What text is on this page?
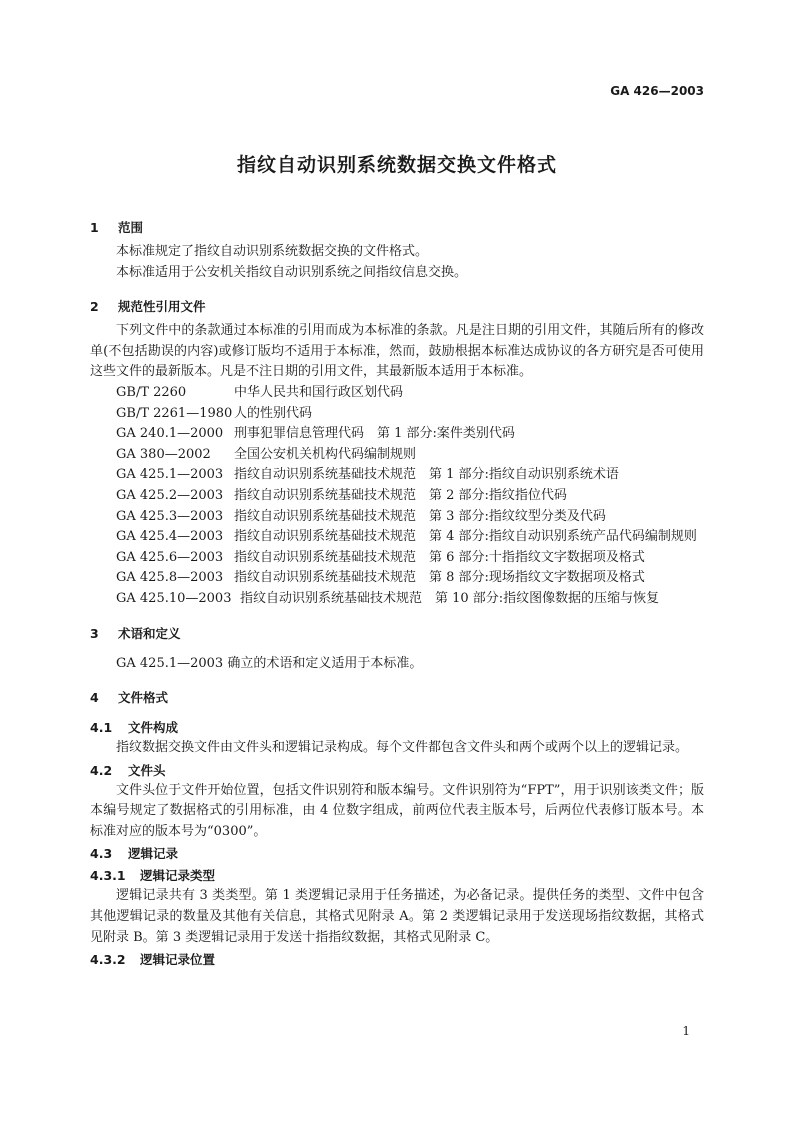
GA 426—2003
指纹自动识别系统数据交换文件格式
1 范围

本标准规定了指纹自动识别系统数据交换的文件格式。

本标准适用于公安机关指纹自动识别系统之间指纹信息交换。

2 规范性引用文件

下列文件中的条款通过本标准的引用而成为本标准的条款。凡是注日期的引用文件，其随后所有的修改单(不包括勘误的内容)或修订版均不适用于本标准，然而，鼓励根据本标准达成协议的各方研究是否可使用这些文件的最新版本。凡是不注日期的引用文件，其最新版本适用于本标准。

GB/T 2260	中华人民共和国行政区划代码
GB/T 2261—1980 人的性别代码
GA 240.1—2000 刑事犯罪信息管理代码　第 1 部分:案件类别代码
GA 380—2002 全国公安机关机构代码编制规则
GA 425.1—2003 指纹自动识别系统基础技术规范　第 1 部分:指纹自动识别系统术语
GA 425.2—2003 指纹自动识别系统基础技术规范　第 2 部分:指纹指位代码
GA 425.3—2003 指纹自动识别系统基础技术规范　第 3 部分:指纹纹型分类及代码
GA 425.4—2003 指纹自动识别系统基础技术规范　第 4 部分:指纹自动识别系统产品代码编制规则
GA 425.6—2003 指纹自动识别系统基础技术规范　第 6 部分:十指指纹文字数据项及格式
GA 425.8—2003 指纹自动识别系统基础技术规范　第 8 部分:现场指纹文字数据项及格式
GA 425.10—2003 指纹自动识别系统基础技术规范　第 10 部分:指纹图像数据的压缩与恢复
3 术语和定义

GA 425.1—2003 确立的术语和定义适用于本标准。

4 文件格式
4.1 文件构成

指纹数据交换文件由文件头和逻辑记录构成。每个文件都包含文件头和两个或两个以上的逻辑记录。

4.2 文件头

文件头位于文件开始位置，包括文件识别符和版本编号。文件识别符为“FPT”，用于识别该类文件；版本编号规定了数据格式的引用标准，由 4 位数字组成，前两位代表主版本号，后两位代表修订版本号。本标准对应的版本号为“0300”。

4.3 逻辑记录
4.3.1 逻辑记录类型

逻辑记录共有 3 类类型。第 1 类逻辑记录用于任务描述，为必备记录。提供任务的类型、文件中包含其他逻辑记录的数量及其他有关信息，其格式见附录 A。第 2 类逻辑记录用于发送现场指纹数据，其格式见附录 B。第 3 类逻辑记录用于发送十指指纹数据，其格式见附录 C。

4.3.2 逻辑记录位置
1
